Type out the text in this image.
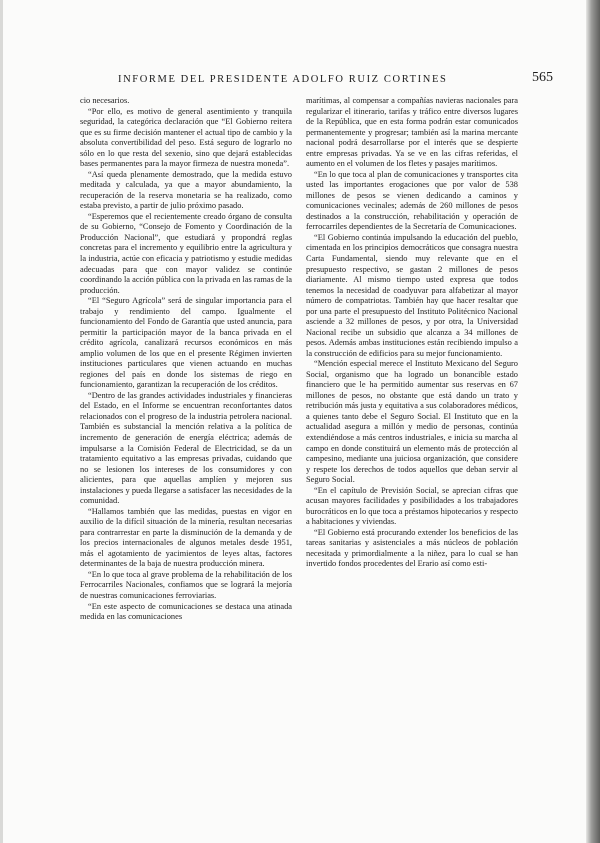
INFORME DEL PRESIDENTE ADOLFO RUIZ CORTINES	565

cio necesarios.

“Por ello, es motivo de general asentimiento y tranquila seguridad, la categórica declaración que “El Gobierno reitera que es su firme decisión mantener el actual tipo de cambio y la absoluta convertibilidad del peso. Está seguro de lograrlo no sólo en lo que resta del sexenio, sino que dejará establecidas bases permanentes para la mayor firmeza de nuestra moneda”.

“Así queda plenamente demostrado, que la medida estuvo meditada y calculada, ya que a mayor abundamiento, la recuperación de la reserva monetaria se ha realizado, como estaba previsto, a partir de julio próximo pasado.

“Esperemos que el recientemente creado órgano de consulta de su Gobierno, “Consejo de Fomento y Coordinación de la Producción Nacional”, que estudiará y propondrá reglas concretas para el incremento y equilibrio entre la agricultura y la industria, actúe con eficacia y patriotismo y estudie medidas adecuadas para que con mayor validez se continúe coordinando la acción pública con la privada en las ramas de la producción.

“El “Seguro Agrícola” será de singular importancia para el trabajo y rendimiento del campo. Igualmente el funcionamiento del Fondo de Garantía que usted anuncia, para permitir la participación mayor de la banca privada en el crédito agrícola, canalizará recursos económicos en más amplio volumen de los que en el presente Régimen invierten instituciones particulares que vienen actuando en muchas regiones del país en donde los sistemas de riego en funcionamiento, garantizan la recuperación de los créditos.

“Dentro de las grandes actividades industriales y financieras del Estado, en el Informe se encuentran reconfortantes datos relacionados con el progreso de la industria petrolera nacional. También es substancial la mención relativa a la política de incremento de generación de energía eléctrica; además de impulsarse a la Comisión Federal de Electricidad, se da un tratamiento equitativo a las empresas privadas, cuidando que no se lesionen los intereses de los consumidores y con alicientes, para que aquellas amplíen y mejoren sus instalaciones y pueda llegarse a satisfacer las necesidades de la comunidad.

“Hallamos también que las medidas, puestas en vigor en auxilio de la difícil situación de la minería, resultan necesarias para contrarrestar en parte la disminución de la demanda y de los precios internacionales de algunos metales desde 1951, más el agotamiento de yacimientos de leyes altas, factores determinantes de la baja de nuestra producción minera.

“En lo que toca al grave problema de la rehabilitación de los Ferrocarriles Nacionales, confiamos que se logrará la mejoría de nuestras comunicaciones ferroviarias.

“En este aspecto de comunicaciones se destaca una atinada medida en las comunicaciones

marítimas, al compensar a compañías navieras nacionales para regularizar el itinerario, tarifas y tráfico entre diversos lugares de la República, que en esta forma podrán estar comunicados permanentemente y progresar; también así la marina mercante nacional podrá desarrollarse por el interés que se despierte entre empresas privadas. Ya se ve en las cifras referidas, el aumento en el volumen de los fletes y pasajes marítimos.

“En lo que toca al plan de comunicaciones y transportes cita usted las importantes erogaciones que por valor de 538 millones de pesos se vienen dedicando a caminos y comunicaciones vecinales; además de 260 millones de pesos destinados a la construcción, rehabilitación y operación de ferrocarriles dependientes de la Secretaría de Comunicaciones.

“El Gobierno continúa impulsando la educación del pueblo, cimentada en los principios democráticos que consagra nuestra Carta Fundamental, siendo muy relevante que en el presupuesto respectivo, se gastan 2 millones de pesos diariamente. Al mismo tiempo usted expresa que todos tenemos la necesidad de coadyuvar para alfabetizar al mayor número de compatriotas. También hay que hacer resaltar que por una parte el presupuesto del Instituto Politécnico Nacional asciende a 32 millones de pesos, y por otra, la Universidad Nacional recibe un subsidio que alcanza a 34 millones de pesos. Además ambas instituciones están recibiendo impulso a la construcción de edificios para su mejor funcionamiento.

“Mención especial merece el Instituto Mexicano del Seguro Social, organismo que ha logrado un bonancible estado financiero que le ha permitido aumentar sus reservas en 67 millones de pesos, no obstante que está dando un trato y retribución más justa y equitativa a sus colaboradores médicos, a quienes tanto debe el Seguro Social. El Instituto que en la actualidad asegura a millón y medio de personas, continúa extendiéndose a más centros industriales, e inicia su marcha al campo en donde constituirá un elemento más de protección al campesino, mediante una juiciosa organización, que considere y respete los derechos de todos aquellos que deban servir al Seguro Social.

“En el capítulo de Previsión Social, se aprecian cifras que acusan mayores facilidades y posibilidades a los trabajadores burocráticos en lo que toca a préstamos hipotecarios y respecto a habitaciones y viviendas.

“El Gobierno está procurando extender los beneficios de las tareas sanitarias y asistenciales a más núcleos de población necesitada y primordialmente a la niñez, para lo cual se han invertido fondos procedentes del Erario así como esti-
